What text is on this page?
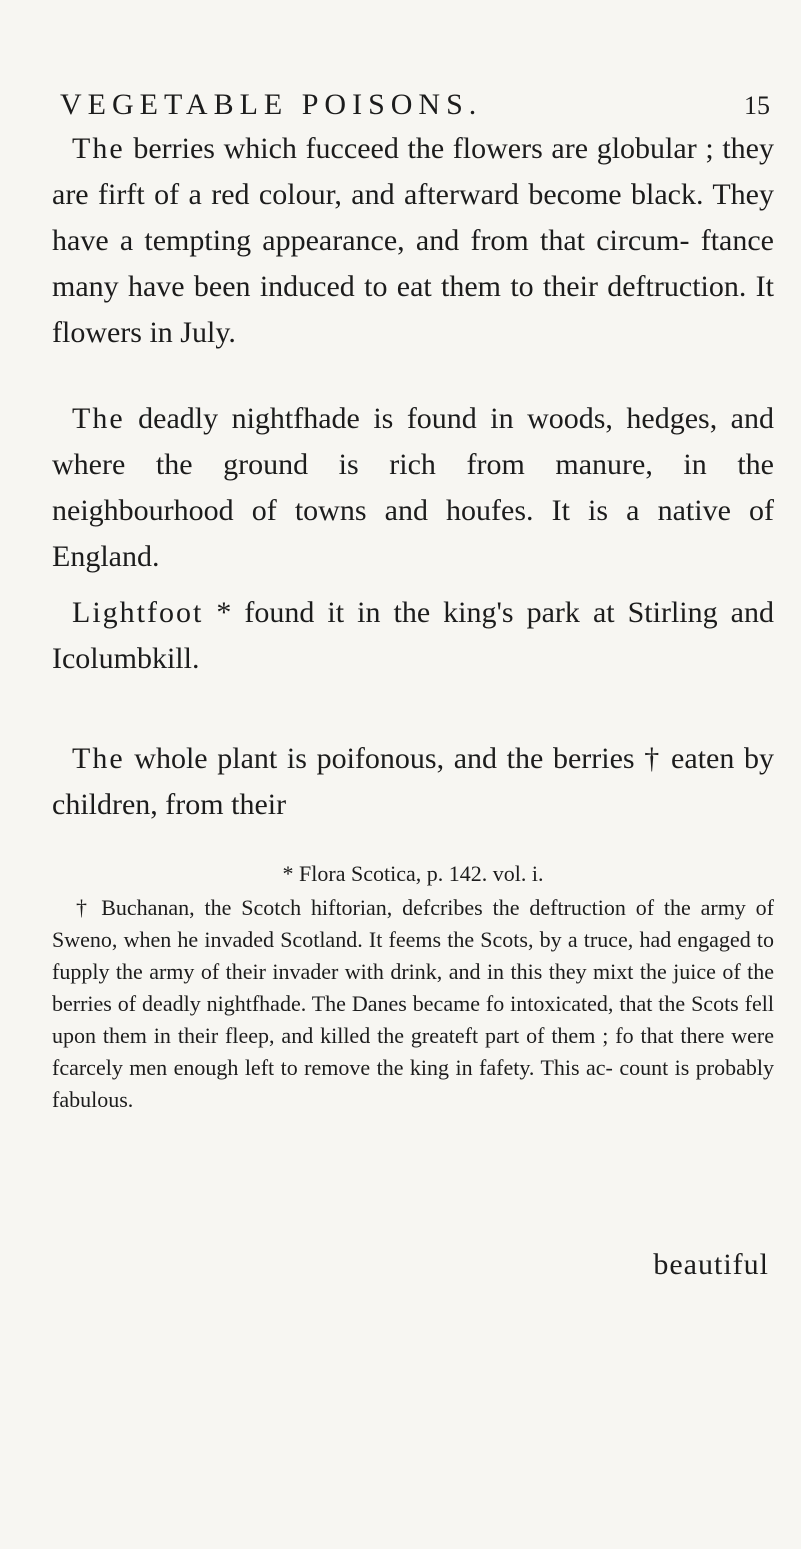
VEGETABLE POISONS.	15

The berries which fucceed the flowers are globular ; they are firft of a red colour, and afterward become black. They have a tempting appearance, and from that circum- ftance many have been induced to eat them to their deftruction. It flowers in July.

The deadly nightfhade is found in woods, hedges, and where the ground is rich from manure, in the neighbourhood of towns and houfes. It is a native of England.

Lightfoot * found it in the king's park at Stirling and Icolumbkill.

The whole plant is poifonous, and the berries † eaten by children, from their

* Flora Scotica, p. 142. vol. i.

† Buchanan, the Scotch hiftorian, defcribes the deftruction of the army of Sweno, when he invaded Scotland. It feems the Scots, by a truce, had engaged to fupply the army of their invader with drink, and in this they mixt the juice of the berries of deadly nightfhade. The Danes became fo intoxicated, that the Scots fell upon them in their fleep, and killed the greateft part of them ; fo that there were fcarcely men enough left to remove the king in fafety. This ac- count is probably fabulous.

beautiful
